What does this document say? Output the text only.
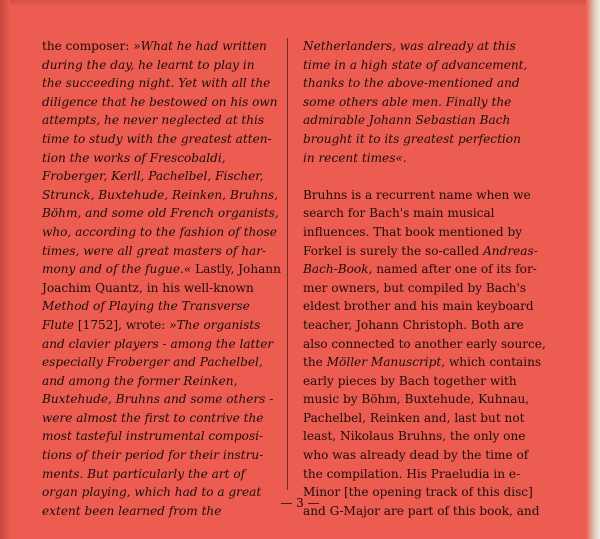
the composer: »What he had written
during the day, he learnt to play in
the succeeding night. Yet with all the
diligence that he bestowed on his own
attempts, he never neglected at this
time to study with the greatest atten-
tion the works of Frescobaldi,
Froberger, Kerll, Pachelbel, Fischer,
Strunck, Buxtehude, Reinken, Bruhns,
Böhm, and some old French organists,
who, according to the fashion of those
times, were all great masters of har-
mony and of the fugue.« Lastly, Johann
Joachim Quantz, in his well-known
Method of Playing the Transverse
Flute [1752], wrote: »The organists
and clavier players - among the latter
especially Froberger and Pachelbel,
and among the former Reinken,
Buxtehude, Bruhns and some others -
were almost the first to contrive the
most tasteful instrumental composi-
tions of their period for their instru-
ments. But particularly the art of
organ playing, which had to a great
extent been learned from the
Netherlanders, was already at this
time in a high state of advancement,
thanks to the above-mentioned and
some others able men. Finally the
admirable Johann Sebastian Bach
brought it to its greatest perfection
in recent times«.
Bruhns is a recurrent name when we
search for Bach's main musical
influences. That book mentioned by
Forkel is surely the so-called Andreas-
Bach-Book, named after one of its for-
mer owners, but compiled by Bach's
eldest brother and his main keyboard
teacher, Johann Christoph. Both are
also connected to another early source,
the Möller Manuscript, which contains
early pieces by Bach together with
music by Böhm, Buxtehude, Kuhnau,
Pachelbel, Reinken and, last but not
least, Nikolaus Bruhns, the only one
who was already dead by the time of
the compilation. His Praeludia in e-
Minor [the opening track of this disc]
and G-Major are part of this book, and
— 3 —
